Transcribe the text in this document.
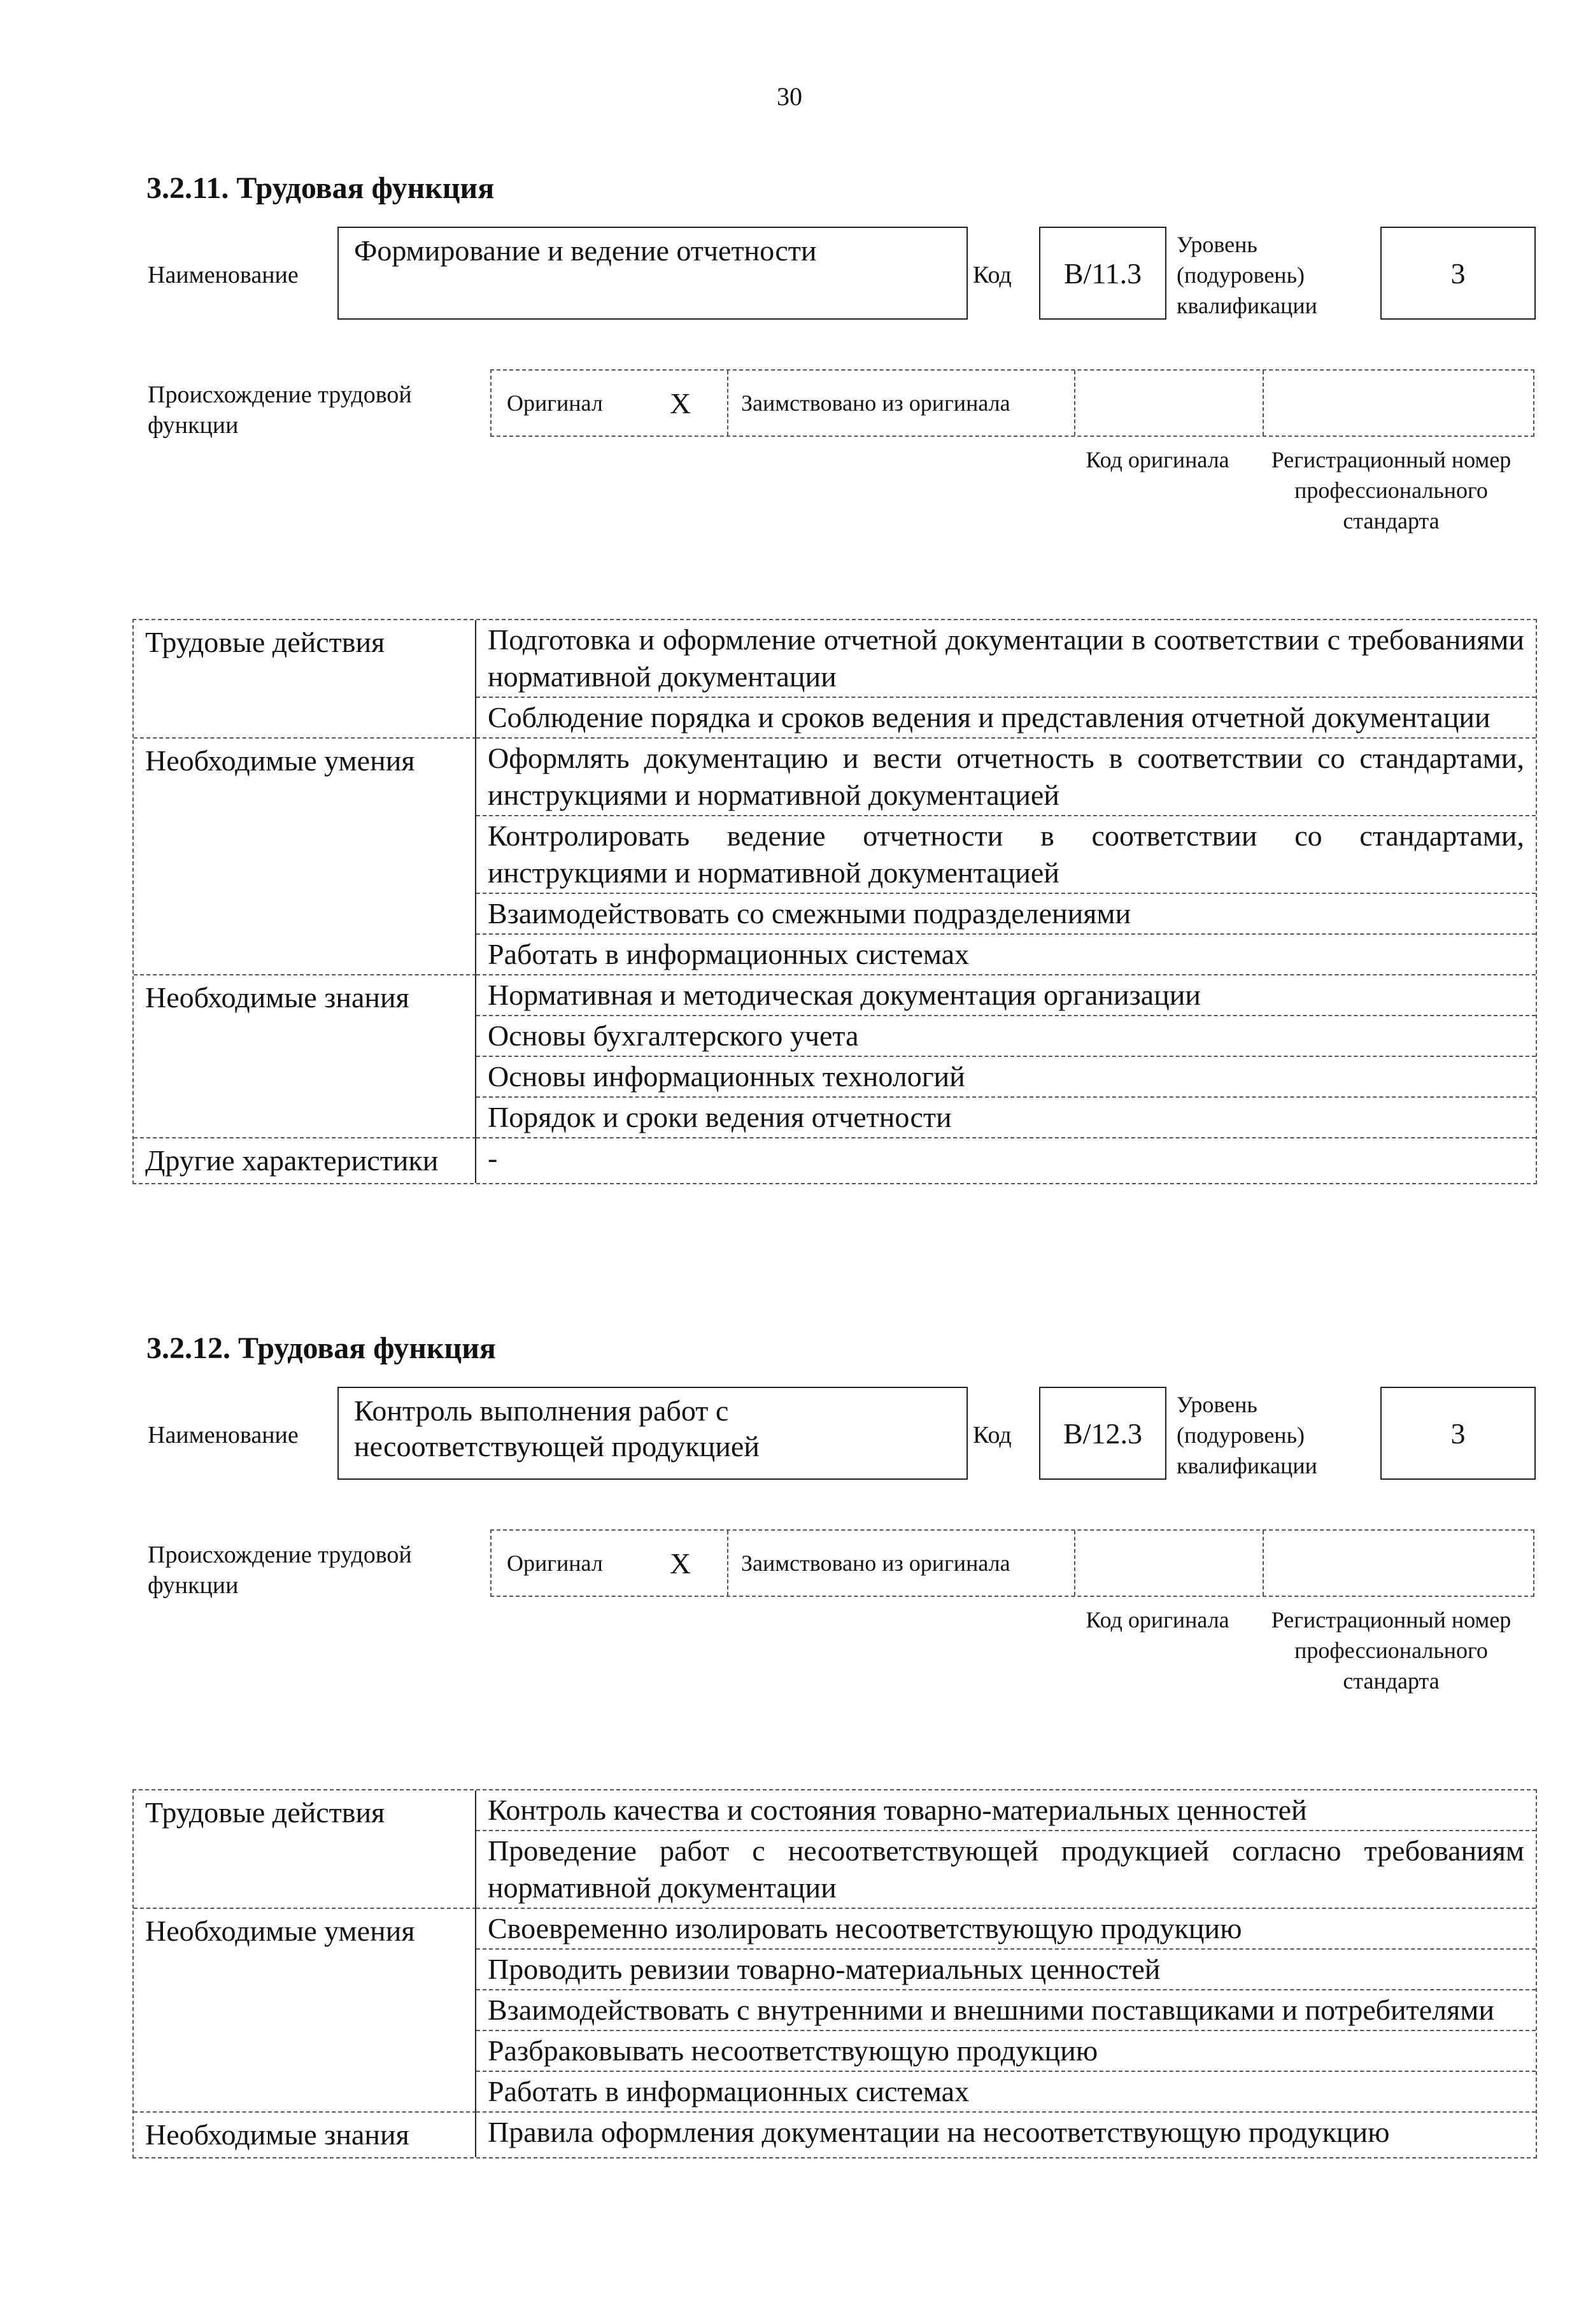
30
3.2.11. Трудовая функция
Наименование
Формирование и ведение отчетности
Код	В/11.3
Уровень
(подуровень)
квалификации
3
Происхождение трудовой функции
Оригинал X	Заимствовано из оригинала
Код оригинала	Регистрационный номер профессионального стандарта
Трудовые действия	Подготовка и оформление отчетной документации в соответствии с требованиями нормативной документации
Соблюдение порядка и сроков ведения и представления отчетной документации
Необходимые умения	Оформлять документацию и вести отчетность в соответствии со стандартами, инструкциями и нормативной документацией
Контролировать ведение отчетности в соответствии со стандартами, инструкциями и нормативной документацией
Взаимодействовать со смежными подразделениями
Работать в информационных системах
Необходимые знания	Нормативная и методическая документация организации
Основы бухгалтерского учета
Основы информационных технологий
Порядок и сроки ведения отчетности
Другие характеристики	-
3.2.12. Трудовая функция
Наименование
Контроль выполнения работ с несоответствующей продукцией	Код	В/12.3
Уровень
(подуровень)
квалификации
3
Происхождение трудовой функции
Оригинал X	Заимствовано из оригинала
Код оригинала	Регистрационный номер профессионального стандарта
Трудовые действия	Контроль качества и состояния товарно-материальных ценностей
Проведение работ с несоответствующей продукцией согласно требованиям нормативной документации
Необходимые умения	Своевременно изолировать несоответствующую продукцию
Проводить ревизии товарно-материальных ценностей
Взаимодействовать с внутренними и внешними поставщиками и потребителями
Разбраковывать несоответствующую продукцию
Работать в информационных системах
Необходимые знания	Правила оформления документации на несоответствующую продукцию
